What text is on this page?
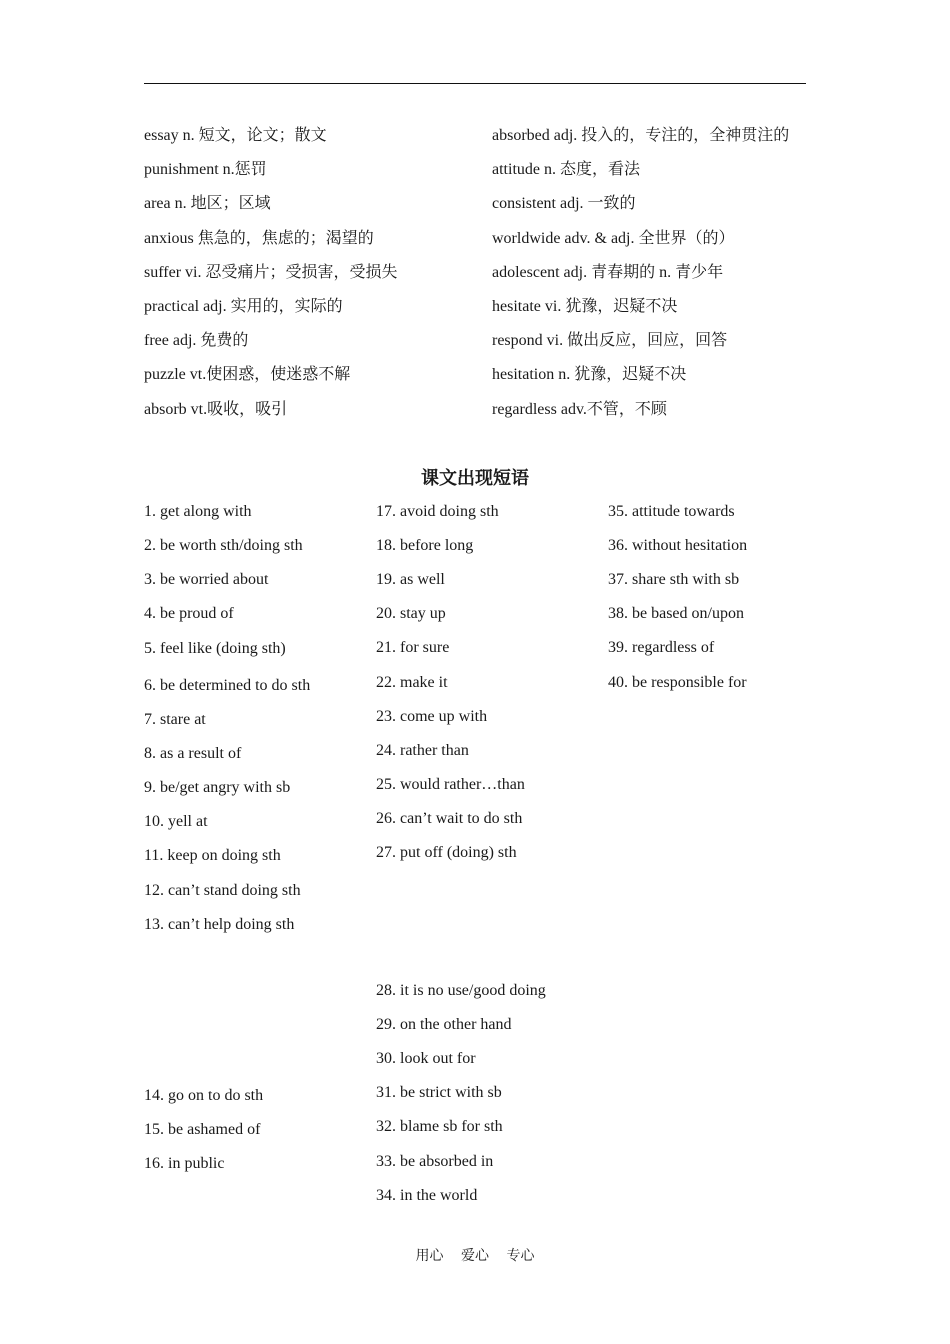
essay n. 短文，论文；散文
punishment n.惩罚
area n. 地区；区域
anxious 焦急的，焦虑的；渴望的
suffer vi. 忍受痛片；受损害，受损失
practical adj. 实用的，实际的
free adj. 免费的
puzzle vt.使困惑，使迷惑不解
absorb vt.吸收，吸引
absorbed adj. 投入的，专注的，全神贯注的
attitude n. 态度，看法
consistent adj. 一致的
worldwide adv. & adj. 全世界（的）
adolescent adj. 青春期的 n. 青少年
hesitate vi. 犹豫，迟疑不决
respond vi. 做出反应，回应，回答
hesitation n. 犹豫，迟疑不决
regardless adv.不管，不顾
课文出现短语
1. get along with
2. be worth sth/doing sth
3. be worried about
4. be proud of
5. feel like (doing sth)
6. be determined to do sth
7. stare at
8. as a result of
9. be/get angry with sb
10. yell at
11. keep on doing sth
12. can’t stand doing sth
13. can’t help doing sth
14. go on to do sth
15. be ashamed of
16. in public
17. avoid doing sth
18. before long
19. as well
20. stay up
21. for sure
22. make it
23. come up with
24. rather than
25. would rather…than
26. can’t wait to do sth
27. put off (doing) sth
28. it is no use/good doing
29. on the other hand
30. look out for
31. be strict with sb
32. blame sb for sth
33. be absorbed in
34. in the world
35. attitude towards
36. without hesitation
37. share sth with sb
38. be based on/upon
39. regardless of
40. be responsible for
用心 爱心 专心
